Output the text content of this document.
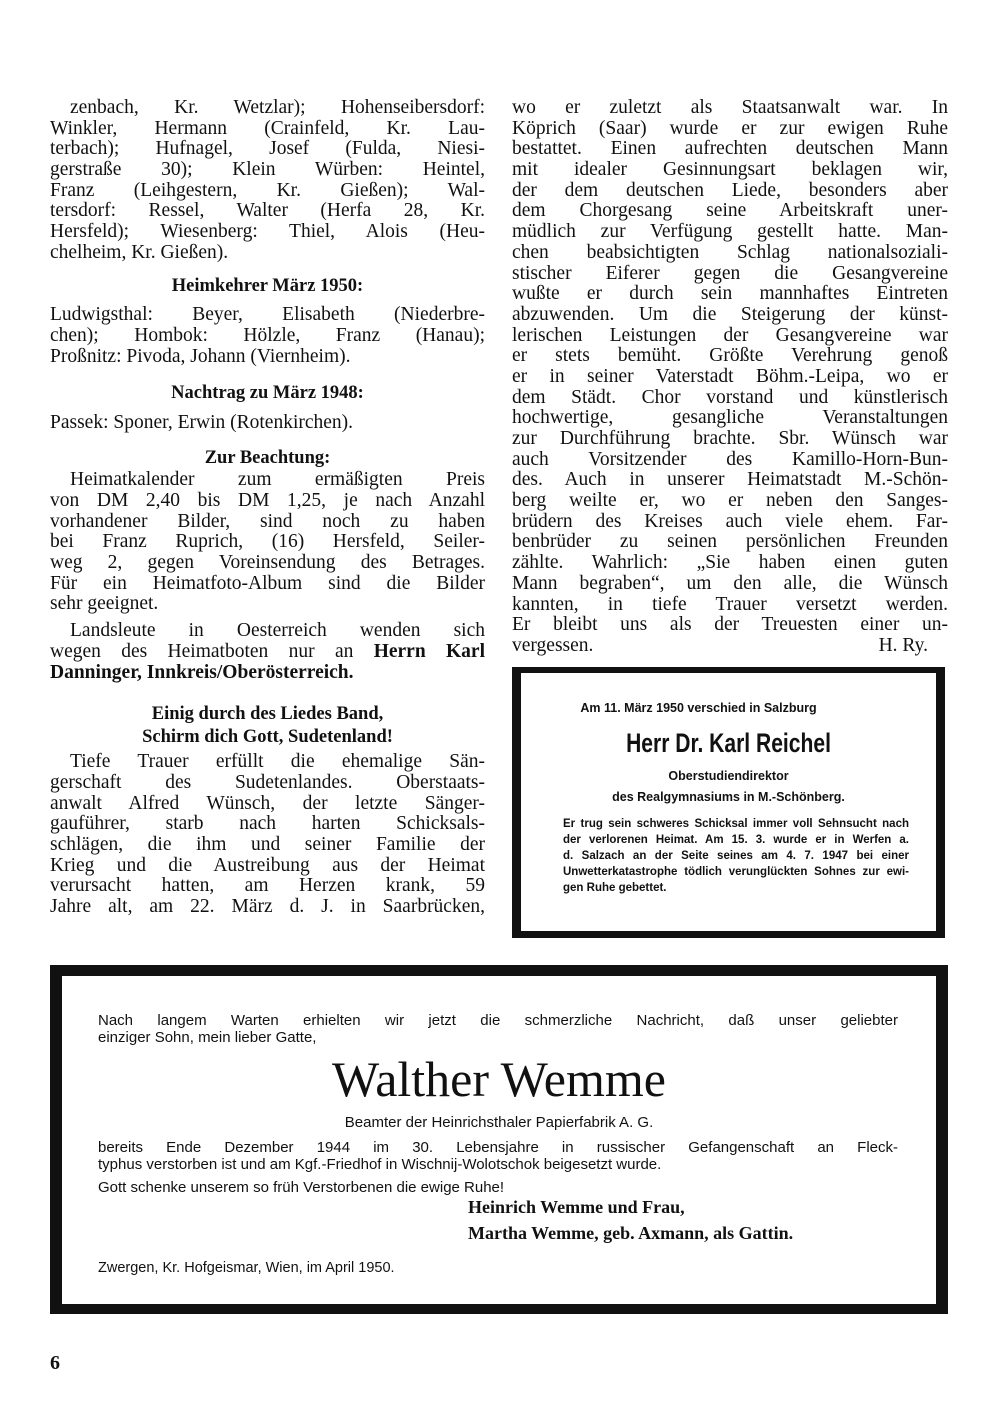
zenbach, Kr. Wetzlar); Hohenseibersdorf:
Winkler, Hermann (Crainfeld, Kr. Lau-
terbach); Hufnagel, Josef (Fulda, Niesi-
gerstraße 30); Klein Würben: Heintel,
Franz (Leihgestern, Kr. Gießen); Wal-
tersdorf: Ressel, Walter (Herfa 28, Kr.
Hersfeld); Wiesenberg: Thiel, Alois (Heu-
chelheim, Kr. Gießen).
Heimkehrer März 1950:
Ludwigsthal: Beyer, Elisabeth (Niederbre-
chen); Hombok: Hölzle, Franz (Hanau);
Proßnitz: Pivoda, Johann (Viernheim).
Nachtrag zu März 1948:
Passek: Sponer, Erwin (Rotenkirchen).
Zur Beachtung:
Heimatkalender zum ermäßigten Preis
von DM 2,40 bis DM 1,25, je nach Anzahl
vorhandener Bilder, sind noch zu haben
bei Franz Ruprich, (16) Hersfeld, Seiler-
weg 2, gegen Voreinsendung des Betrages.
Für ein Heimatfoto-Album sind die Bilder
sehr geeignet.
Landsleute in Oesterreich wenden sich
wegen des Heimatboten nur an Herrn Karl
Danninger, Innkreis/Oberösterreich.
Einig durch des Liedes Band,
Schirm dich Gott, Sudetenland!
Tiefe Trauer erfüllt die ehemalige Sän-
gerschaft des Sudetenlandes. Oberstaats-
anwalt Alfred Wünsch, der letzte Sänger-
gauführer, starb nach harten Schicksals-
schlägen, die ihm und seiner Familie der
Krieg und die Austreibung aus der Heimat
verursacht hatten, am Herzen krank, 59
Jahre alt, am 22. März d. J. in Saarbrücken,
wo er zuletzt als Staatsanwalt war. In
Köprich (Saar) wurde er zur ewigen Ruhe
bestattet. Einen aufrechten deutschen Mann
mit idealer Gesinnungsart beklagen wir,
der dem deutschen Liede, besonders aber
dem Chorgesang seine Arbeitskraft uner-
müdlich zur Verfügung gestellt hatte. Man-
chen beabsichtigten Schlag nationalsoziali-
stischer Eiferer gegen die Gesangvereine
wußte er durch sein mannhaftes Eintreten
abzuwenden. Um die Steigerung der künst-
lerischen Leistungen der Gesangvereine war
er stets bemüht. Größte Verehrung genoß
er in seiner Vaterstadt Böhm.-Leipa, wo er
dem Städt. Chor vorstand und künstlerisch
hochwertige, gesangliche Veranstaltungen
zur Durchführung brachte. Sbr. Wünsch war
auch Vorsitzender des Kamillo-Horn-Bun-
des. Auch in unserer Heimatstadt M.-Schön-
berg weilte er, wo er neben den Sanges-
brüdern des Kreises auch viele ehem. Far-
benbrüder zu seinen persönlichen Freunden
zählte. Wahrlich: „Sie haben einen guten
Mann begraben“, um den alle, die Wünsch
kannten, in tiefe Trauer versetzt werden.
Er bleibt uns als der Treuesten einer un-
vergessen.	H. Ry.
Am 11. März 1950 verschied in Salzburg
Herr Dr. Karl Reichel
Oberstudiendirektor
des Realgymnasiums in M.-Schönberg.
Er trug sein schweres Schicksal immer voll Sehnsucht nach
der verlorenen Heimat. Am 15. 3. wurde er in Werfen a.
d. Salzach an der Seite seines am 4. 7. 1947 bei einer
Unwetterkatastrophe tödlich verunglückten Sohnes zur ewi-
gen Ruhe gebettet.
Nach langem Warten erhielten wir jetzt die schmerzliche Nachricht, daß unser geliebter
einziger Sohn, mein lieber Gatte,
Walther Wemme
Beamter der Heinrichsthaler Papierfabrik A. G.
bereits Ende Dezember 1944 im 30. Lebensjahre in russischer Gefangenschaft an Fleck-
typhus verstorben ist und am Kgf.-Friedhof in Wischnij-Wolotschok beigesetzt wurde.
Gott schenke unserem so früh Verstorbenen die ewige Ruhe!
Heinrich Wemme und Frau,
Martha Wemme, geb. Axmann, als Gattin.
Zwergen, Kr. Hofgeismar, Wien, im April 1950.
6
